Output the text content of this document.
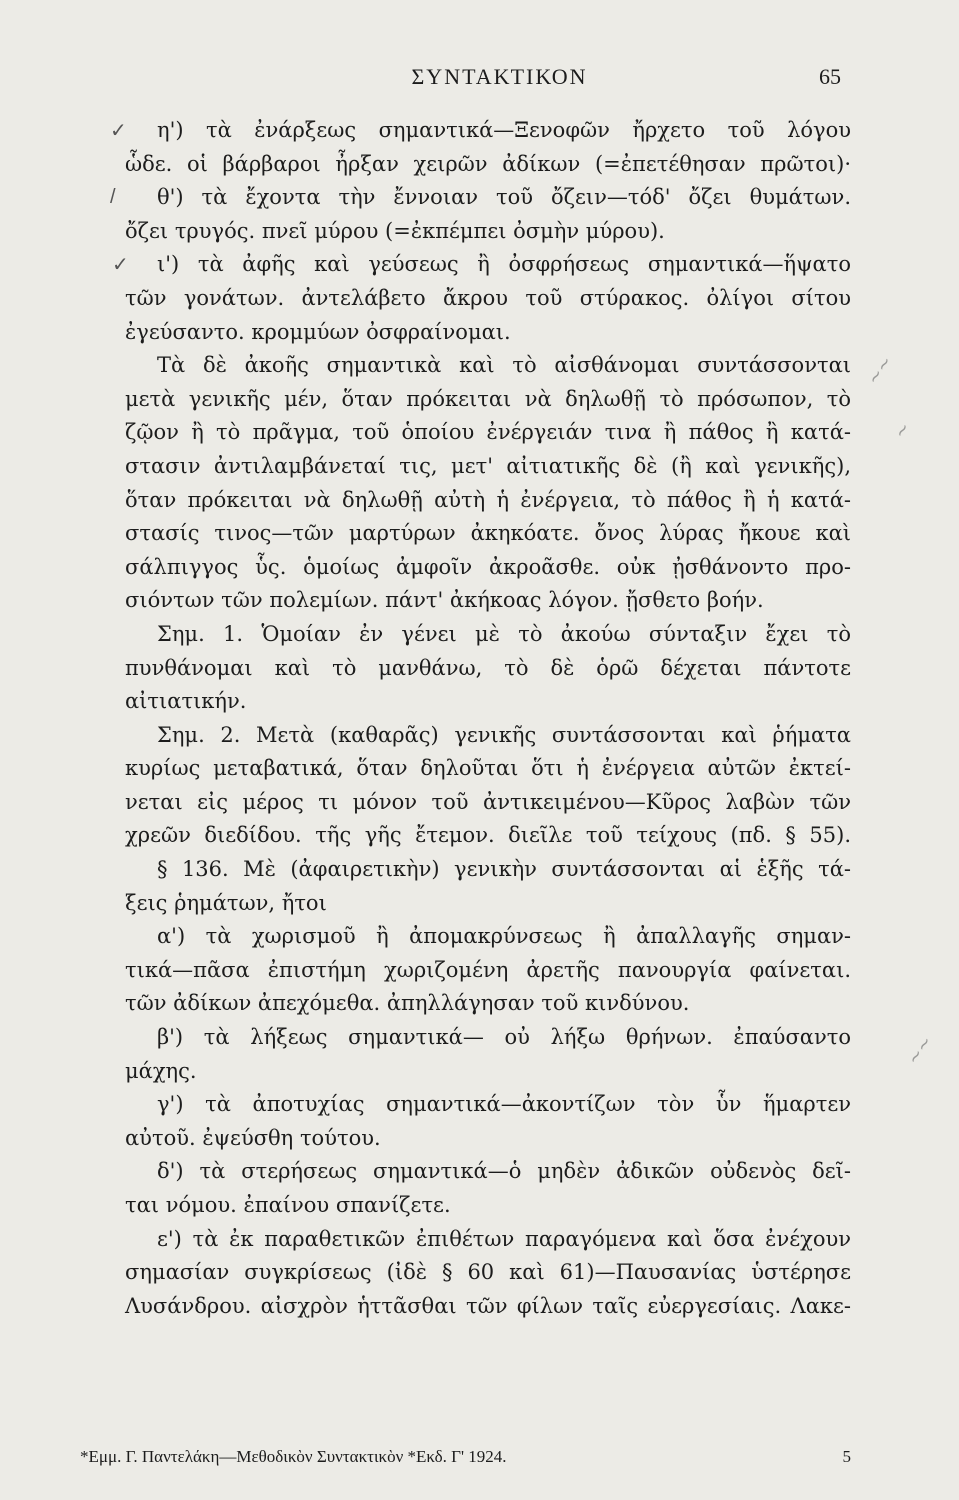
ΣΥΝΤΑΚΤΙΚΟΝ	65
η') τὰ ἐνάρξεως σημαντικά—Ξενοφῶν ἤρχετο τοῦ λόγου
ὧδε. οἱ βάρβαροι ἦρξαν χειρῶν ἀδίκων (=ἐπετέθησαν πρῶτοι)·
θ') τὰ ἔχοντα τὴν ἔννοιαν τοῦ ὄζειν—τόδ' ὄζει θυμάτων.
ὄζει τρυγός. πνεῖ μύρου (=ἐκπέμπει ὀσμὴν μύρου).
ι') τὰ ἀφῆς καὶ γεύσεως ἢ ὀσφρήσεως σημαντικά—ἥψατο
τῶν γονάτων. ἀντελάβετο ἄκρου τοῦ στύρακος. ὀλίγοι σίτου
ἐγεύσαντο. κρομμύων ὀσφραίνομαι.
Τὰ δὲ ἀκοῆς σημαντικὰ καὶ τὸ αἰσθάνομαι συντάσσονται
μετὰ γενικῆς μέν, ὅταν πρόκειται νὰ δηλωθῇ τὸ πρόσωπον, τὸ
ζῷον ἢ τὸ πρᾶγμα, τοῦ ὁποίου ἐνέργειάν τινα ἢ πάθος ἢ κατά-
στασιν ἀντιλαμβάνεταί τις, μετ' αἰτιατικῆς δὲ (ἢ καὶ γενικῆς),
ὅταν πρόκειται νὰ δηλωθῇ αὐτὴ ἡ ἐνέργεια, τὸ πάθος ἢ ἡ κατά-
στασίς τινος—τῶν μαρτύρων ἀκηκόατε. ὄνος λύρας ἤκουε καὶ
σάλπιγγος ὗς. ὁμοίως ἀμφοῖν ἀκροᾶσθε. οὐκ ᾐσθάνοντο προ-
σιόντων τῶν πολεμίων. πάντ' ἀκήκοας λόγον. ᾔσθετο βοήν.
Σημ. 1. Ὁμοίαν ἐν γένει μὲ τὸ ἀκούω σύνταξιν ἔχει τὸ
πυνθάνομαι καὶ τὸ μανθάνω, τὸ δὲ ὁρῶ δέχεται πάντοτε
αἰτιατικήν.
Σημ. 2. Μετὰ (καθαρᾶς) γενικῆς συντάσσονται καὶ ῥήματα
κυρίως μεταβατικά, ὅταν δηλοῦται ὅτι ἡ ἐνέργεια αὐτῶν ἐκτεί-
νεται εἰς μέρος τι μόνον τοῦ ἀντικειμένου—Κῦρος λαβὼν τῶν
χρεῶν διεδίδου. τῆς γῆς ἔτεμον. διεῖλε τοῦ τείχους (πδ. § 55).
§ 136. Μὲ (ἀφαιρετικὴν) γενικὴν συντάσσονται αἱ ἑξῆς τά-
ξεις ῥημάτων, ἤτοι
α') τὰ χωρισμοῦ ἢ ἀπομακρύνσεως ἢ ἀπαλλαγῆς σημαν-
τικά—πᾶσα ἐπιστήμη χωριζομένη ἀρετῆς πανουργία φαίνεται.
τῶν ἀδίκων ἀπεχόμεθα. ἀπηλλάγησαν τοῦ κινδύνου.
β') τὰ λήξεως σημαντικά— οὐ λήξω θρήνων. ἐπαύσαντο
μάχης.
γ') τὰ ἀποτυχίας σημαντικά—ἀκοντίζων τὸν ὗν ἥμαρτεν
αὐτοῦ. ἐψεύσθη τούτου.
δ') τὰ στερήσεως σημαντικά—ὁ μηδὲν ἀδικῶν οὐδενὸς δεῖ-
ται νόμου. ἐπαίνου σπανίζετε.
ε') τὰ ἐκ παραθετικῶν ἐπιθέτων παραγόμενα καὶ ὅσα ἐνέχουν
σημασίαν συγκρίσεως (ἰδὲ § 60 καὶ 61)—Παυσανίας ὑστέρησε
Λυσάνδρου. αἰσχρὸν ἡττᾶσθαι τῶν φίλων ταῖς εὐεργεσίαις. Λακε-
✓
/
✓
~~
~
~~
*Εμμ. Γ. Παντελάκη—Μεθοδικὸν Συντακτικὸν *Εκδ. Γ' 1924.	5
